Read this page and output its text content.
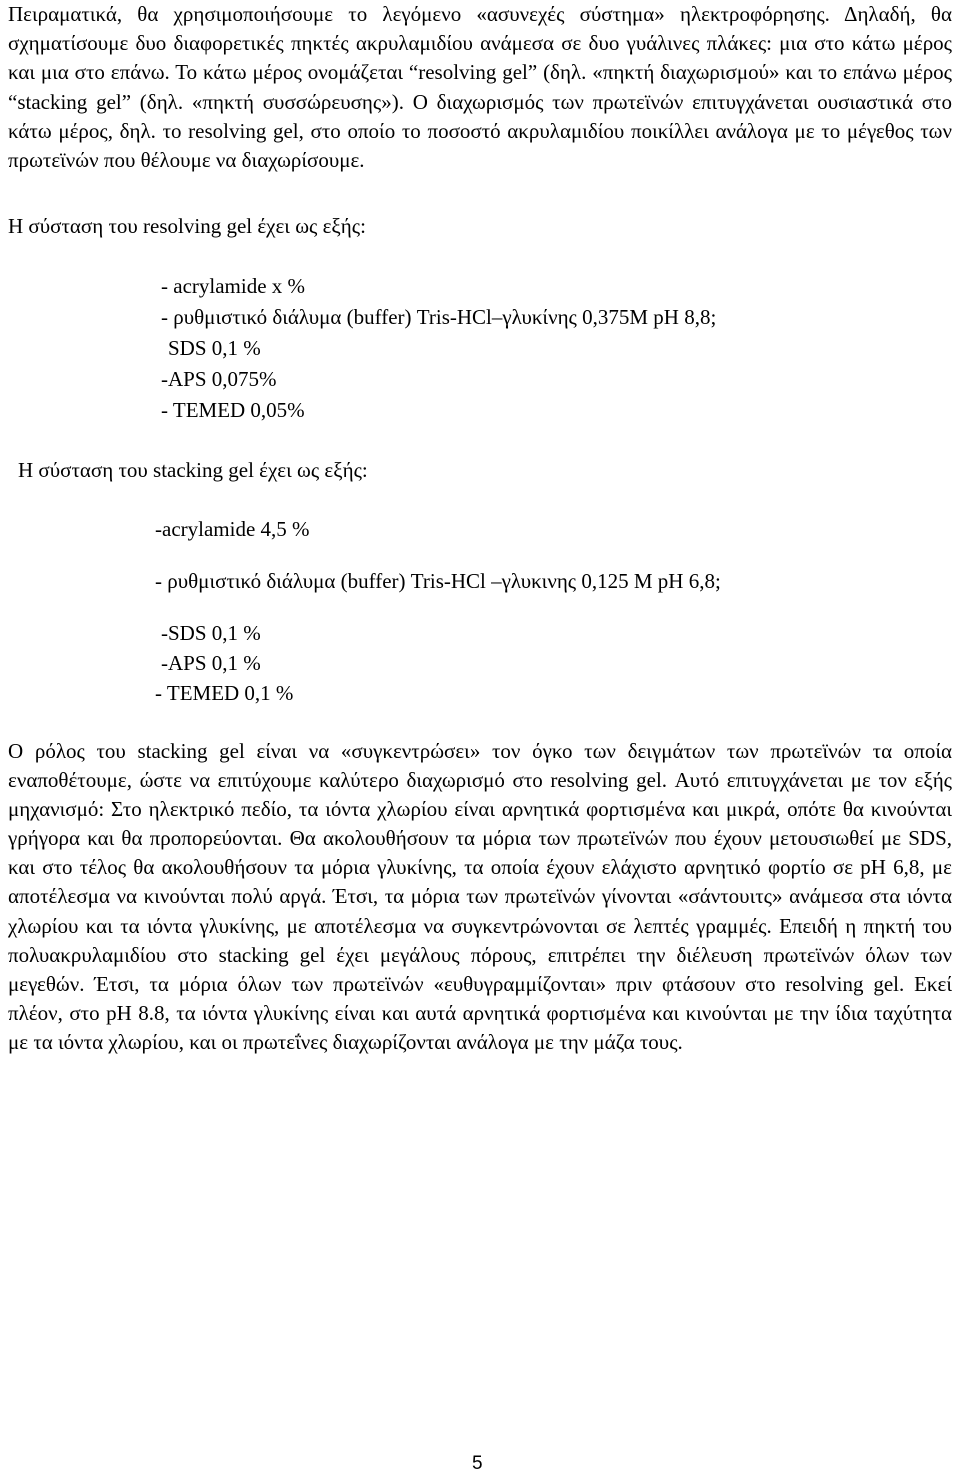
Πειραματικά, θα χρησιμοποιήσουμε το λεγόμενο «ασυνεχές σύστημα» ηλεκτροφόρησης. Δηλαδή, θα σχηματίσουμε δυο διαφορετικές πηκτές ακρυλαμιδίου ανάμεσα σε δυο γυάλινες πλάκες: μια στο κάτω μέρος και μια στο επάνω. Το κάτω μέρος ονομάζεται “resolving gel” (δηλ. «πηκτή διαχωρισμού» και το επάνω μέρος “stacking gel” (δηλ. «πηκτή συσσώρευσης»). Ο διαχωρισμός των πρωτεϊνών επιτυγχάνεται ουσιαστικά στο κάτω μέρος, δηλ. το resolving gel, στο οποίο το ποσοστό ακρυλαμιδίου ποικίλλει ανάλογα με το μέγεθος των πρωτεϊνών που θέλουμε να διαχωρίσουμε.

Η σύσταση του resolving gel έχει ως εξής:
- acrylamide x %
- ρυθμιστικό διάλυμα (buffer) Tris-HCl–γλυκίνης 0,375M pH 8,8;
SDS 0,1 %
-APS 0,075%
- TEMED 0,05%
Η σύσταση του stacking gel έχει ως εξής:
-acrylamide 4,5 %
- ρυθμιστικό διάλυμα (buffer) Tris-HCl –γλυκινης 0,125 M pH 6,8;
-SDS 0,1 %
-APS 0,1 %
- TEMED 0,1 %

Ο ρόλος του stacking gel είναι να «συγκεντρώσει» τον όγκο των δειγμάτων των πρωτεϊνών τα οποία εναποθέτουμε, ώστε να επιτύχουμε καλύτερο διαχωρισμό στο resolving gel. Αυτό επιτυγχάνεται με τον εξής μηχανισμό: Στο ηλεκτρικό πεδίο, τα ιόντα χλωρίου είναι αρνητικά φορτισμένα και μικρά, οπότε θα κινούνται γρήγορα και θα προπορεύονται. Θα ακολουθήσουν τα μόρια των πρωτεϊνών που έχουν μετουσιωθεί με SDS, και στο τέλος θα ακολουθήσουν τα μόρια γλυκίνης, τα οποία έχουν ελάχιστο αρνητικό φορτίο σε pH 6,8, με αποτέλεσμα να κινούνται πολύ αργά. Έτσι, τα μόρια των πρωτεϊνών γίνονται «σάντουιτς» ανάμεσα στα ιόντα χλωρίου και τα ιόντα γλυκίνης, με αποτέλεσμα να συγκεντρώνονται σε λεπτές γραμμές. Επειδή η πηκτή του πολυακρυλαμιδίου στο stacking gel έχει μεγάλους πόρους, επιτρέπει την διέλευση πρωτεϊνών όλων των μεγεθών. Έτσι, τα μόρια όλων των πρωτεϊνών «ευθυγραμμίζονται» πριν φτάσουν στο resolving gel. Εκεί πλέον, στο pH 8.8, τα ιόντα γλυκίνης είναι και αυτά αρνητικά φορτισμένα και κινούνται με την ίδια ταχύτητα με τα ιόντα χλωρίου, και οι πρωτεΐνες διαχωρίζονται ανάλογα με την μάζα τους.

5
